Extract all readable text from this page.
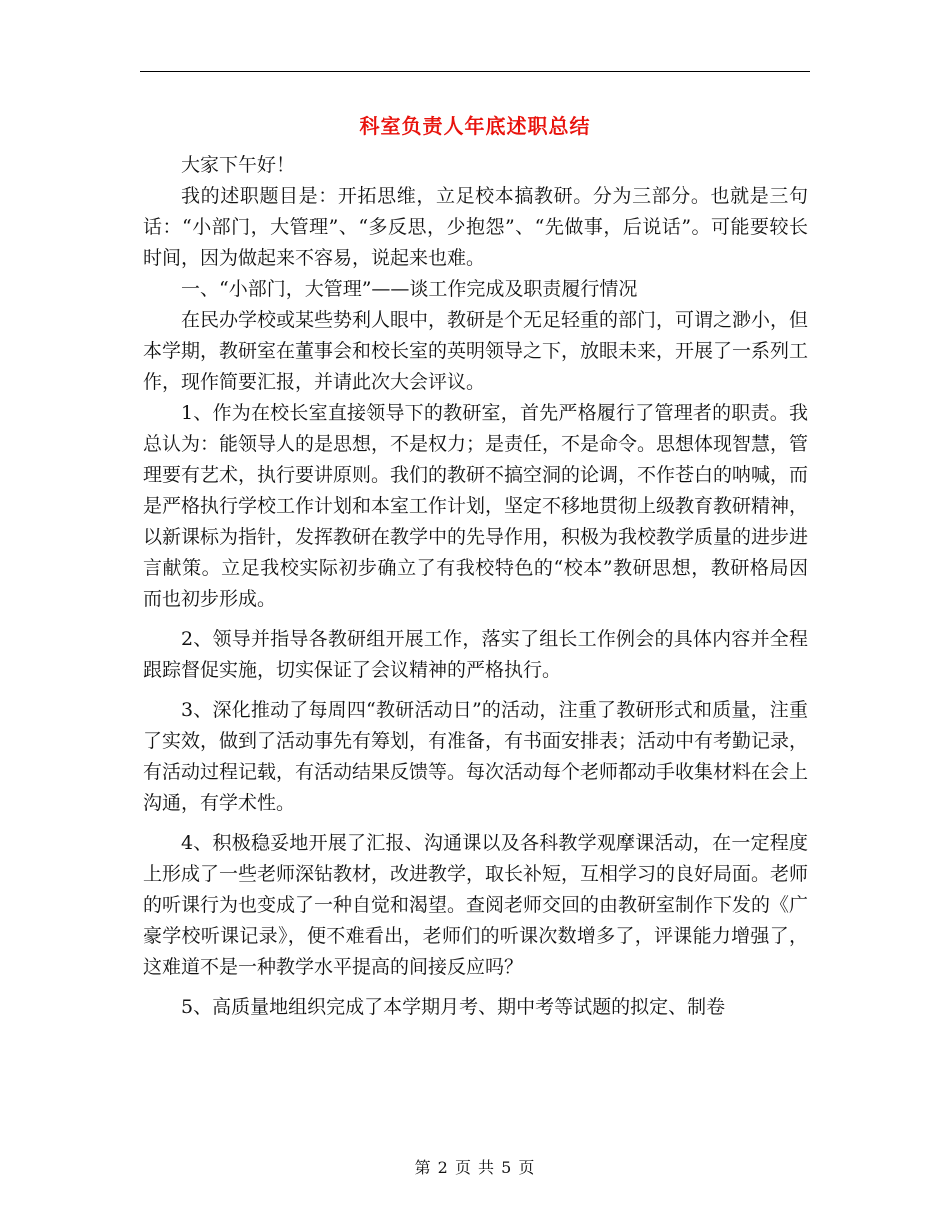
科室负责人年底述职总结

大家下午好！

我的述职题目是：开拓思维，立足校本搞教研。分为三部分。也就是三句话：“小部门，大管理”、“多反思，少抱怨”、“先做事，后说话”。可能要较长时间，因为做起来不容易，说起来也难。

一、“小部门，大管理”——谈工作完成及职责履行情况

在民办学校或某些势利人眼中，教研是个无足轻重的部门，可谓之渺小，但本学期，教研室在董事会和校长室的英明领导之下，放眼未来，开展了一系列工作，现作简要汇报，并请此次大会评议。

1、作为在校长室直接领导下的教研室，首先严格履行了管理者的职责。我总认为：能领导人的是思想，不是权力；是责任，不是命令。思想体现智慧，管理要有艺术，执行要讲原则。我们的教研不搞空洞的论调，不作苍白的呐喊，而是严格执行学校工作计划和本室工作计划，坚定不移地贯彻上级教育教研精神，以新课标为指针，发挥教研在教学中的先导作用，积极为我校教学质量的进步进言献策。立足我校实际初步确立了有我校特色的“校本”教研思想，教研格局因而也初步形成。

2、领导并指导各教研组开展工作，落实了组长工作例会的具体内容并全程跟踪督促实施，切实保证了会议精神的严格执行。

3、深化推动了每周四“教研活动日”的活动，注重了教研形式和质量，注重了实效，做到了活动事先有筹划，有准备，有书面安排表；活动中有考勤记录，有活动过程记载，有活动结果反馈等。每次活动每个老师都动手收集材料在会上沟通，有学术性。

4、积极稳妥地开展了汇报、沟通课以及各科教学观摩课活动，在一定程度上形成了一些老师深钻教材，改进教学，取长补短，互相学习的良好局面。老师的听课行为也变成了一种自觉和渴望。查阅老师交回的由教研室制作下发的《广豪学校听课记录》，便不难看出，老师们的听课次数增多了，评课能力增强了，这难道不是一种教学水平提高的间接反应吗？

5、高质量地组织完成了本学期月考、期中考等试题的拟定、制卷

第 2 页 共 5 页
